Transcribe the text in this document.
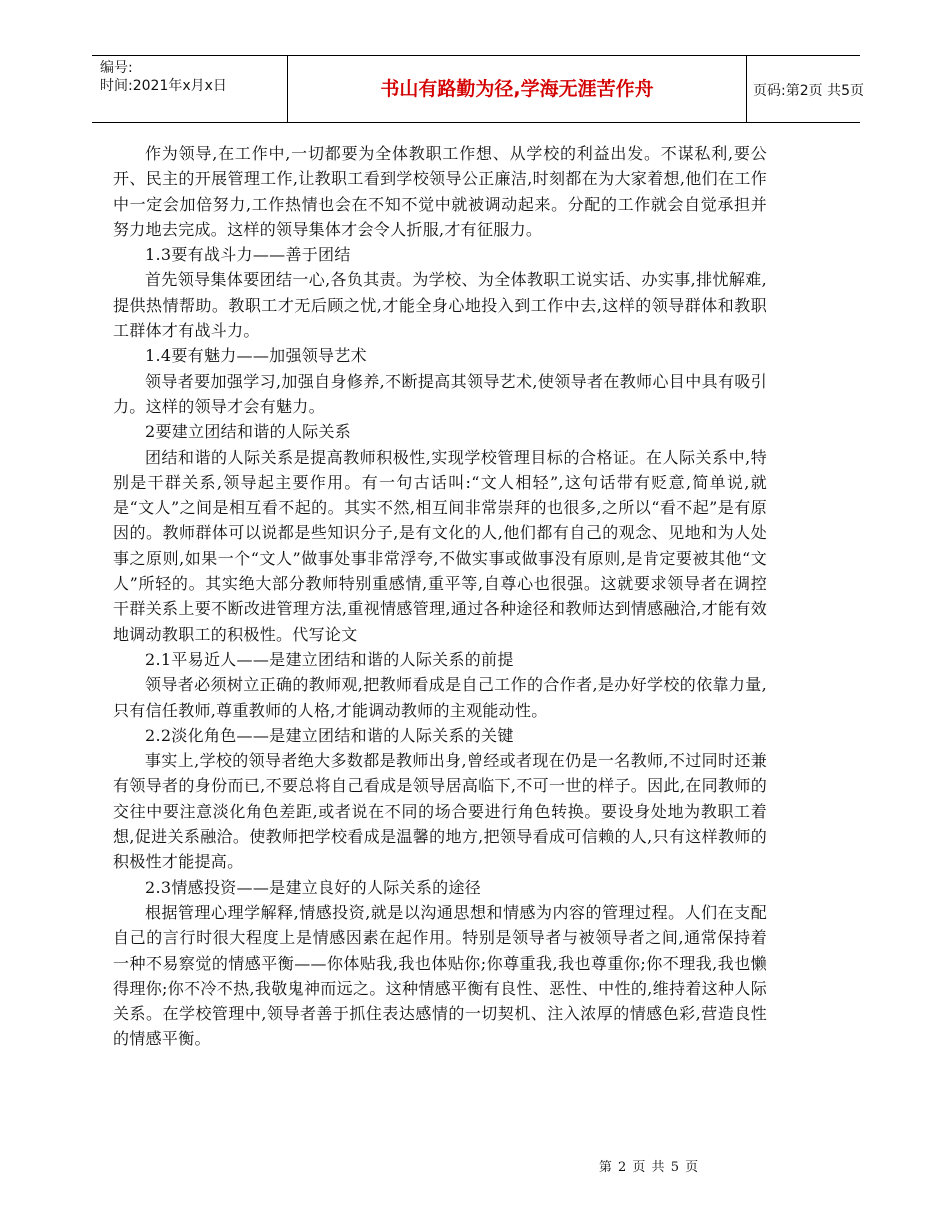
编号:
时间:2021年x月x日	书山有路勤为径,学海无涯苦作舟	页码:第2页 共5页

作为领导,在工作中,一切都要为全体教职工作想、从学校的利益出发。不谋私利,要公开、民主的开展管理工作,让教职工看到学校领导公正廉洁,时刻都在为大家着想,他们在工作中一定会加倍努力,工作热情也会在不知不觉中就被调动起来。分配的工作就会自觉承担并努力地去完成。这样的领导集体才会令人折服,才有征服力。

1.3要有战斗力——善于团结

首先领导集体要团结一心,各负其责。为学校、为全体教职工说实话、办实事,排忧解难,提供热情帮助。教职工才无后顾之忧,才能全身心地投入到工作中去,这样的领导群体和教职工群体才有战斗力。

1.4要有魅力——加强领导艺术

领导者要加强学习,加强自身修养,不断提高其领导艺术,使领导者在教师心目中具有吸引力。这样的领导才会有魅力。

2要建立团结和谐的人际关系

团结和谐的人际关系是提高教师积极性,实现学校管理目标的合格证。在人际关系中,特别是干群关系,领导起主要作用。有一句古话叫:“文人相轻”,这句话带有贬意,简单说,就是“文人”之间是相互看不起的。其实不然,相互间非常崇拜的也很多,之所以“看不起”是有原因的。教师群体可以说都是些知识分子,是有文化的人,他们都有自己的观念、见地和为人处事之原则,如果一个“文人”做事处事非常浮夸,不做实事或做事没有原则,是肯定要被其他“文人”所轻的。其实绝大部分教师特别重感情,重平等,自尊心也很强。这就要求领导者在调控干群关系上要不断改进管理方法,重视情感管理,通过各种途径和教师达到情感融洽,才能有效地调动教职工的积极性。代写论文

2.1平易近人——是建立团结和谐的人际关系的前提

领导者必须树立正确的教师观,把教师看成是自己工作的合作者,是办好学校的依靠力量,只有信任教师,尊重教师的人格,才能调动教师的主观能动性。

2.2淡化角色——是建立团结和谐的人际关系的关键

事实上,学校的领导者绝大多数都是教师出身,曾经或者现在仍是一名教师,不过同时还兼有领导者的身份而已,不要总将自己看成是领导居高临下,不可一世的样子。因此,在同教师的交往中要注意淡化角色差距,或者说在不同的场合要进行角色转换。要设身处地为教职工着想,促进关系融洽。使教师把学校看成是温馨的地方,把领导看成可信赖的人,只有这样教师的积极性才能提高。

2.3情感投资——是建立良好的人际关系的途径

根据管理心理学解释,情感投资,就是以沟通思想和情感为内容的管理过程。人们在支配自己的言行时很大程度上是情感因素在起作用。特别是领导者与被领导者之间,通常保持着一种不易察觉的情感平衡——你体贴我,我也体贴你;你尊重我,我也尊重你;你不理我,我也懒得理你;你不冷不热,我敬鬼神而远之。这种情感平衡有良性、恶性、中性的,维持着这种人际关系。在学校管理中,领导者善于抓住表达感情的一切契机、注入浓厚的情感色彩,营造良性的情感平衡。

第 2 页 共 5 页
